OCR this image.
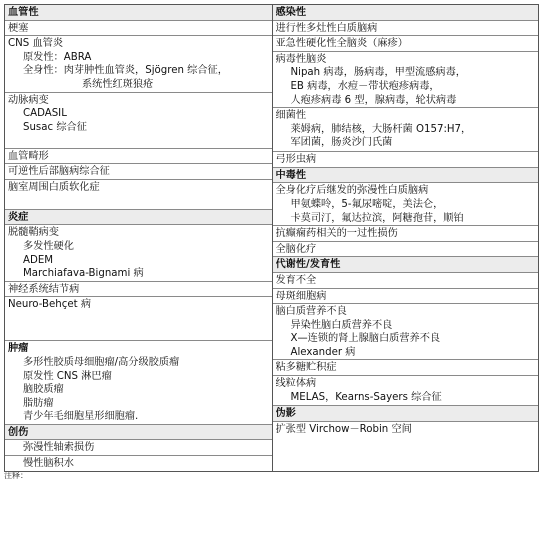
血管性
梗塞
CNS 血管炎
原发性：ABRA
全身性：肉芽肿性血管炎，Sjögren 综合征，
系统性红斑狼疮
动脉病变
CADASIL
Susac 综合征
血管畸形
可逆性后部脑病综合征
脑室周围白质软化症
炎症
脱髓鞘病变
多发性硬化
ADEM
Marchiafava-Bignami 病
神经系统结节病
Neuro-Behçet 病
肿瘤
多形性胶质母细胞瘤/高分级胶质瘤
原发性 CNS 淋巴瘤
脑胶质瘤
脂肪瘤
青少年毛细胞星形细胞瘤.
创伤
弥漫性轴索损伤
慢性脑积水
感染性
进行性多灶性白质脑病
亚急性硬化性全脑炎（麻疹）
病毒性脑炎
Nipah 病毒，肠病毒，甲型流感病毒，
EB 病毒，水痘－带状疱疹病毒，
人疱疹病毒 6 型，腺病毒，轮状病毒
细菌性
莱姆病，肺结核，大肠杆菌 O157:H7，
军团菌，肠炎沙门氏菌
弓形虫病
中毒性
全身化疗后继发的弥漫性白质脑病
甲氨蝶呤，5-氟尿嘧啶，美法仑，
卡莫司汀，氟达拉滨，阿糖孢苷，顺铂
抗癫痫药相关的一过性损伤
全脑化疗
代谢性/发育性
发育不全
母斑细胞病
脑白质营养不良
异染性脑白质营养不良
X—连锁的肾上腺脑白质营养不良
Alexander 病
粘多糖贮积症
线粒体病
MELAS，Kearns-Sayers 综合征
伪影
扩张型 Virchow－Robin 空间
注释：
